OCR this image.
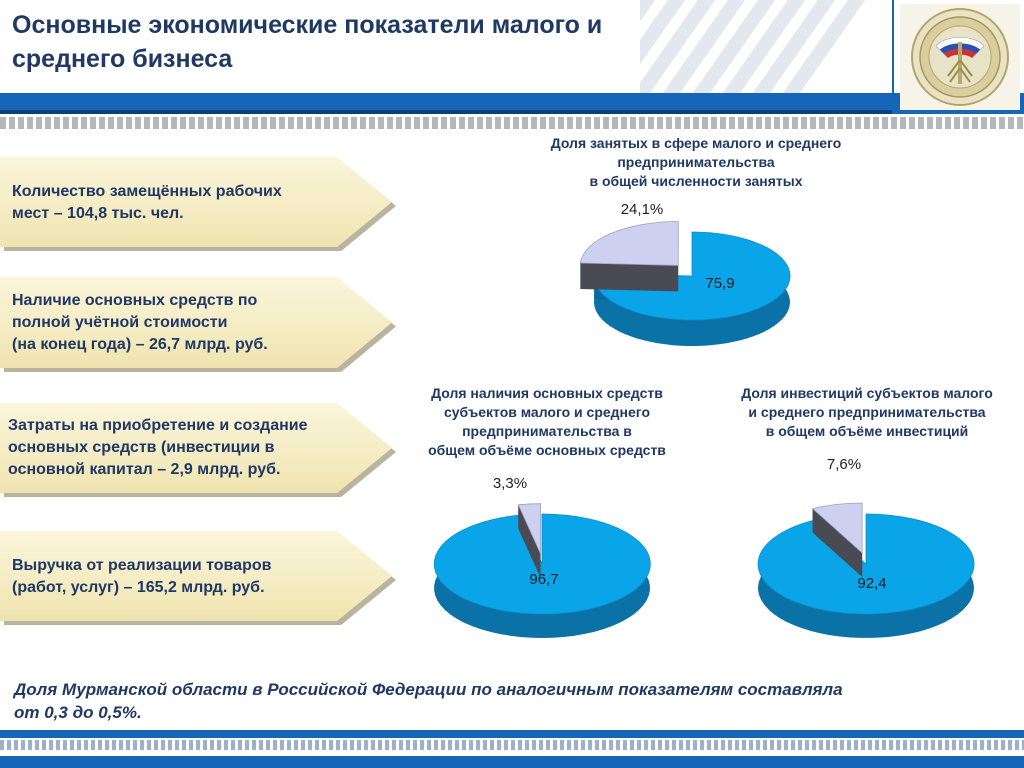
Основные экономические показатели малого и
среднего бизнеса
Количество замещённых рабочих
мест – 104,8 тыс. чел.
Наличие основных средств по
полной учётной стоимости
(на конец года) – 26,7 млрд. руб.
Затраты на приобретение и создание
основных средств (инвестиции в
основной капитал – 2,9 млрд. руб.
Выручка от реализации товаров
(работ, услуг) – 165,2 млрд. руб.
Доля занятых в сфере малого и среднего
предпринимательства
в общей численности занятых
Доля наличия основных средств
субъектов малого и среднего
предпринимательства в
общем объёме основных средств
Доля инвестиций субъектов малого
и среднего предпринимательства
в общем объёме инвестиций
75,9
24,1%
96,7
3,3%
92,4
7,6%
Доля Мурманской области в Российской Федерации по аналогичным показателям составляла
от 0,3 до 0,5%.
